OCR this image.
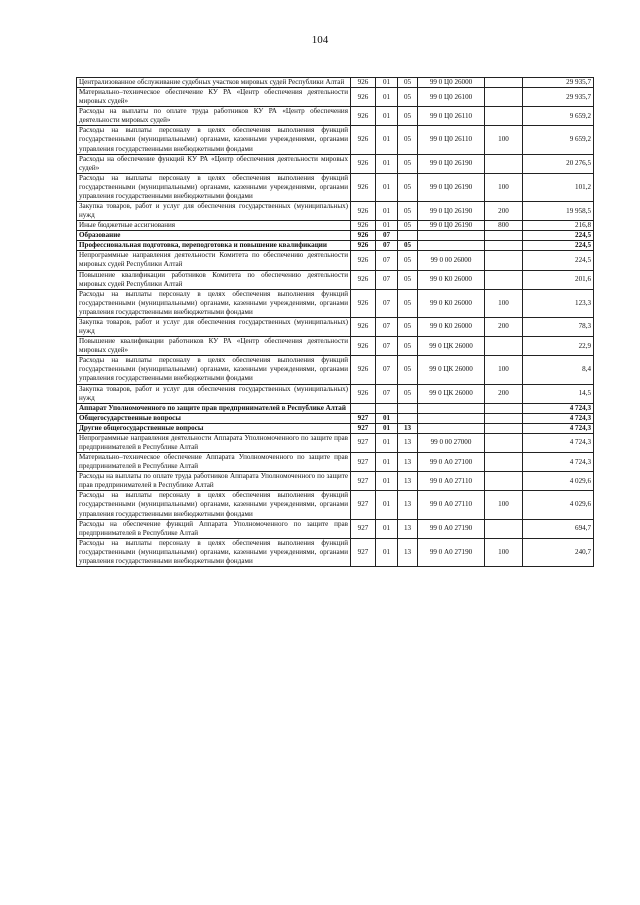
104
Централизованное обслуживание судебных участков мировых судей Республики Алтай	926	01	05	99 0 Ц0 26000		29 935,7
Материально–техническое обеспечение КУ РА «Центр обеспечения деятельности мировых судей»	926	01	05	99 0 Ц0 26100		29 935,7
Расходы на выплаты по оплате труда работников КУ РА «Центр обеспечения деятельности мировых судей»	926	01	05	99 0 Ц0 26110		9 659,2
Расходы на выплаты персоналу в целях обеспечения выполнения функций государственными (муниципальными) органами, казенными учреждениями, органами управления государственными внебюджетными фондами	926	01	05	99 0 Ц0 26110	100	9 659,2
Расходы на обеспечение функций КУ РА «Центр обеспечения деятельности мировых судей»	926	01	05	99 0 Ц0 26190		20 276,5
Расходы на выплаты персоналу в целях обеспечения выполнения функций государственными (муниципальными) органами, казенными учреждениями, органами управления государственными внебюджетными фондами	926	01	05	99 0 Ц0 26190	100	101,2
Закупка товаров, работ и услуг для обеспечения государственных (муниципальных) нужд	926	01	05	99 0 Ц0 26190	200	19 958,5
Иные бюджетные ассигнования	926	01	05	99 0 Ц0 26190	800	216,8
Образование	926	07				224,5
Профессиональная подготовка, переподготовка и повышение квалификации	926	07	05			224,5
Непрограммные направления деятельности Комитета по обеспечению деятельности мировых судей Республики Алтай	926	07	05	99 0 00 26000		224,5
Повышение квалификации работников Комитета по обеспечению деятельности мировых судей Республики Алтай	926	07	05	99 0 К0 26000		201,6
Расходы на выплаты персоналу в целях обеспечения выполнения функций государственными (муниципальными) органами, казенными учреждениями, органами управления государственными внебюджетными фондами	926	07	05	99 0 К0 26000	100	123,3
Закупка товаров, работ и услуг для обеспечения государственных (муниципальных) нужд	926	07	05	99 0 К0 26000	200	78,3
Повышение квалификации работников КУ РА «Центр обеспечения деятельности мировых судей»	926	07	05	99 0 ЦК 26000		22,9
Расходы на выплаты персоналу в целях обеспечения выполнения функций государственными (муниципальными) органами, казенными учреждениями, органами управления государственными внебюджетными фондами	926	07	05	99 0 ЦК 26000	100	8,4
Закупка товаров, работ и услуг для обеспечения государственных (муниципальных) нужд	926	07	05	99 0 ЦК 26000	200	14,5
Аппарат Уполномоченного по защите прав предпринимателей в Республике Алтай						4 724,3
Общегосударственные вопросы	927	01				4 724,3
Другие общегосударственные вопросы	927	01	13			4 724,3
Непрограммные направления деятельности Аппарата Уполномоченного по защите прав предпринимателей в Республике Алтай	927	01	13	99 0 00 27000		4 724,3
Материально–техническое обеспечение Аппарата Уполномоченного по защите прав предпринимателей в Республике Алтай	927	01	13	99 0 А0 27100		4 724,3
Расходы на выплаты по оплате труда работников Аппарата Уполномоченного по защите прав предпринимателей в Республике Алтай	927	01	13	99 0 А0 27110		4 029,6
Расходы на выплаты персоналу в целях обеспечения выполнения функций государственными (муниципальными) органами, казенными учреждениями, органами управления государственными внебюджетными фондами	927	01	13	99 0 А0 27110	100	4 029,6
Расходы на обеспечение функций Аппарата Уполномоченного по защите прав предпринимателей в Республике Алтай	927	01	13	99 0 А0 27190		694,7
Расходы на выплаты персоналу в целях обеспечения выполнения функций государственными (муниципальными) органами, казенными учреждениями, органами управления государственными внебюджетными фондами	927	01	13	99 0 А0 27190	100	240,7
